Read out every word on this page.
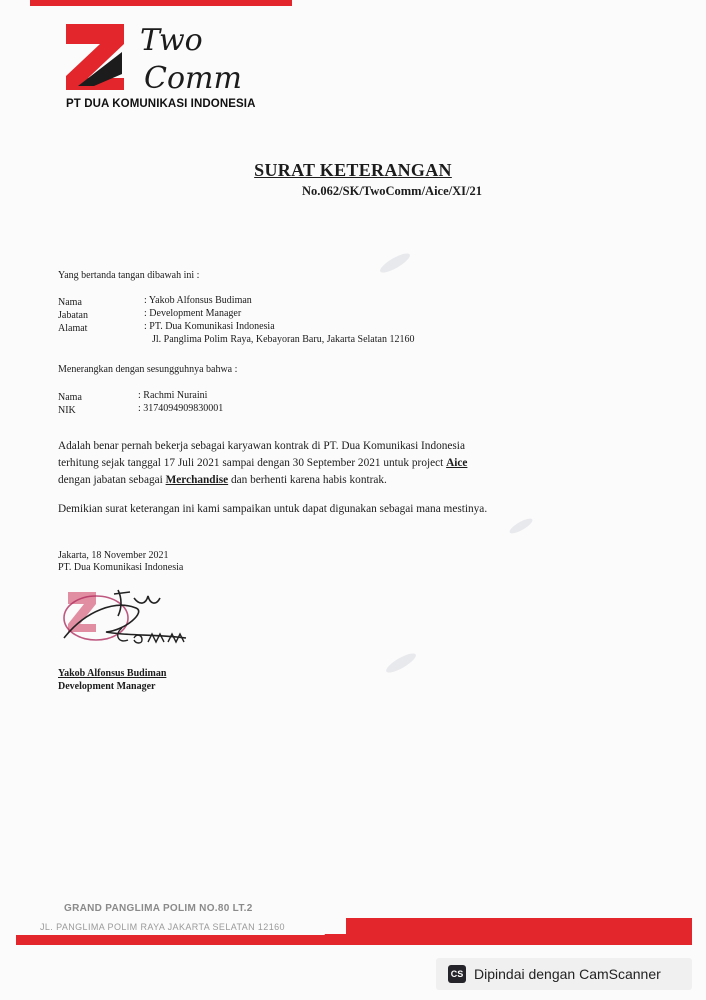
Two
Comm
PT DUA KOMUNIKASI INDONESIA
SURAT KETERANGAN
No.062/SK/TwoComm/Aice/XI/21
Yang bertanda tangan dibawah ini :
Nama	: Yakob Alfonsus Budiman
Jabatan	: Development Manager
Alamat	: PT. Dua Komunikasi Indonesia
Jl. Panglima Polim Raya, Kebayoran Baru, Jakarta Selatan 12160
Menerangkan dengan sesungguhnya bahwa :
Nama	: Rachmi Nuraini
NIK	: 3174094909830001
Adalah benar pernah bekerja sebagai karyawan kontrak di PT. Dua Komunikasi Indonesia
terhitung sejak tanggal 17 Juli 2021 sampai dengan 30 September 2021 untuk project Aice
dengan jabatan sebagai Merchandise dan berhenti karena habis kontrak.
Demikian surat keterangan ini kami sampaikan untuk dapat digunakan sebagai mana mestinya.
Jakarta, 18 November 2021
PT. Dua Komunikasi Indonesia
Yakob Alfonsus Budiman
Development Manager
GRAND PANGLIMA POLIM NO.80 LT.2
JL. PANGLIMA POLIM RAYA JAKARTA SELATAN 12160
CS Dipindai dengan CamScanner
